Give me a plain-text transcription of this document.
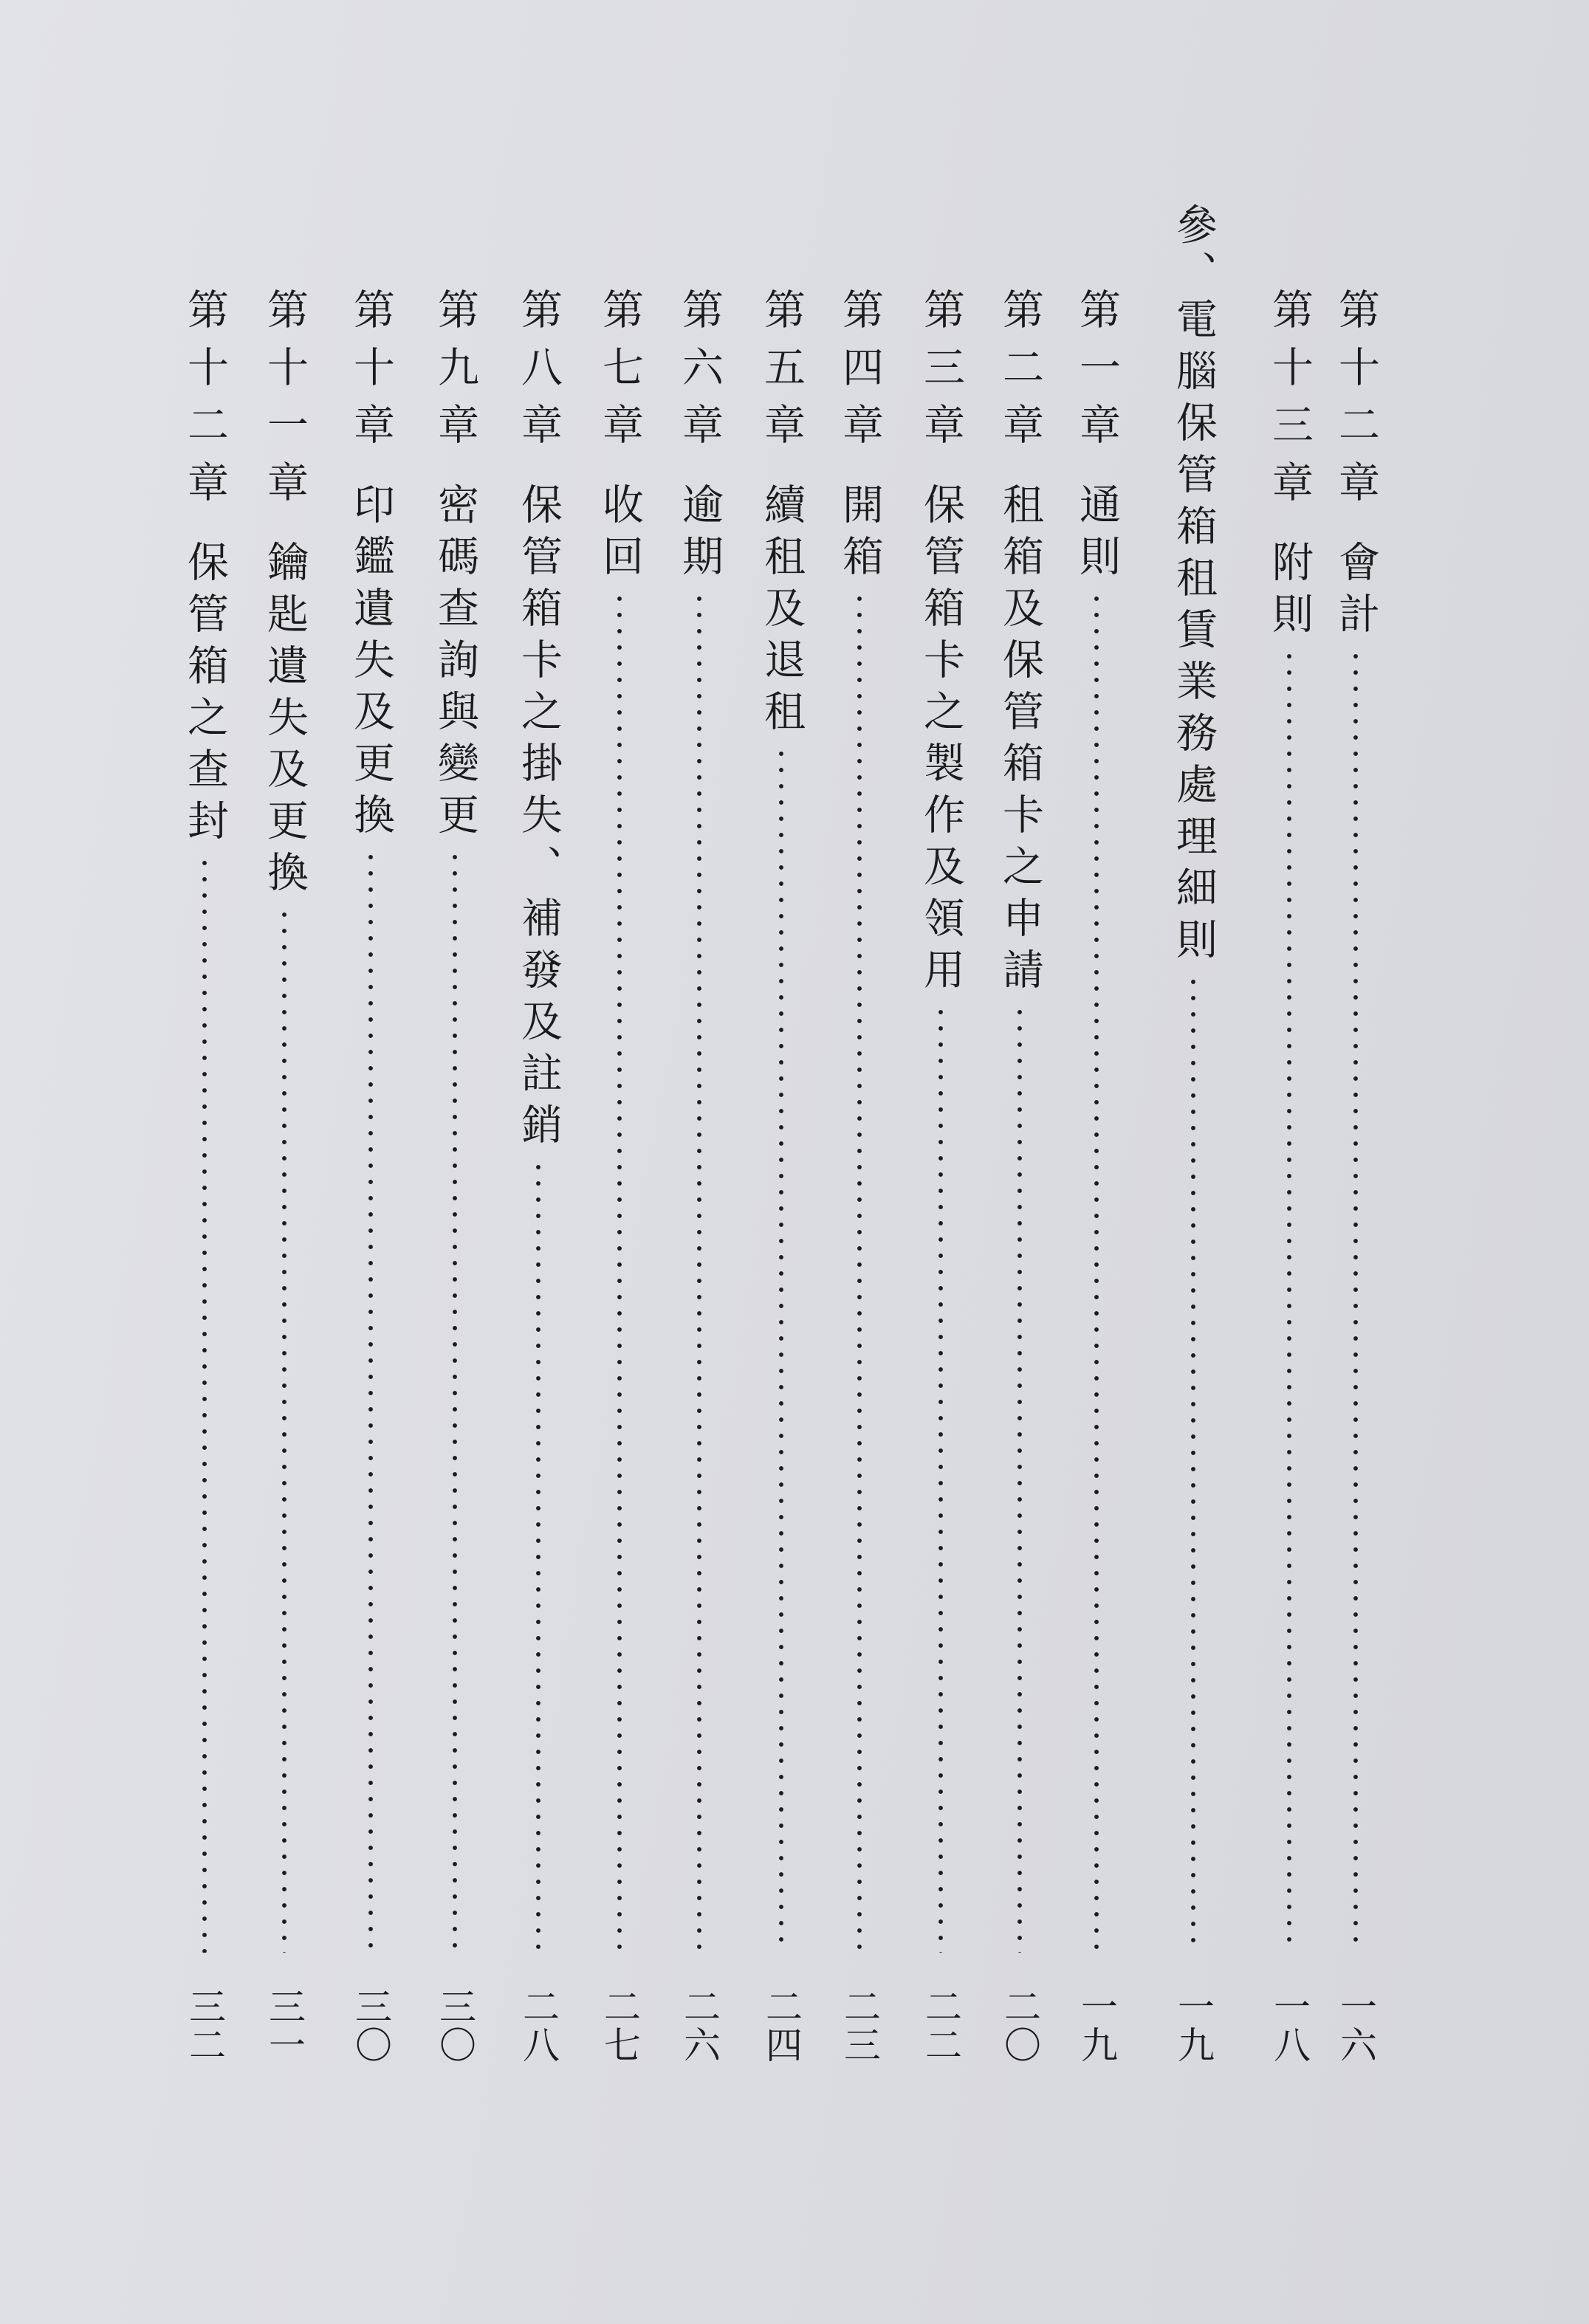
第十二章
會計
一六
第十三章
附則
一八
參、
電腦保管箱租賃業務處理細則
一九
第一章
通則
一九
第二章
租箱及保管箱卡之申請
二〇
第三章
保管箱卡之製作及領用
二二
第四章
開箱
二三
第五章
續租及退租
二四
第六章
逾期
二六
第七章
收回
二七
第八章
保管箱卡之掛失、補發及註銷
二八
第九章
密碼查詢與變更
三〇
第十章
印鑑遺失及更換
三〇
第十一章
鑰匙遺失及更換
三一
第十二章
保管箱之查封
三二
